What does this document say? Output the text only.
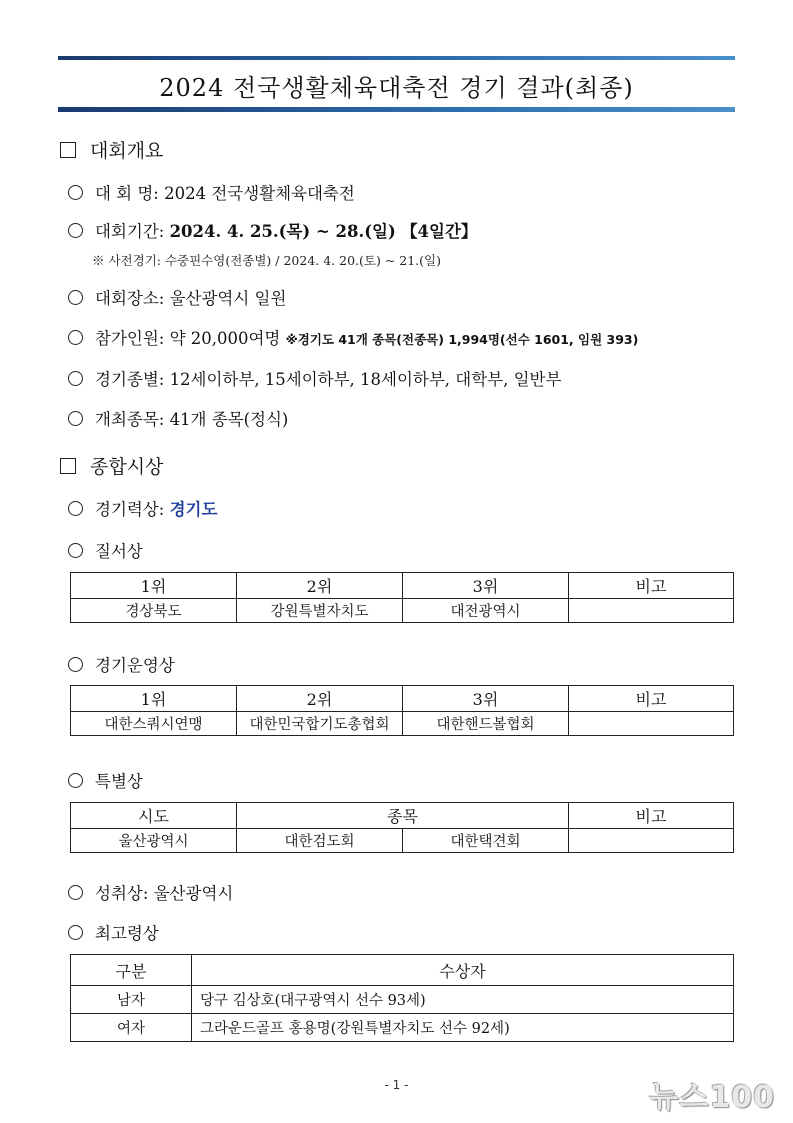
2024 전국생활체육대축전 경기 결과(최종)
대회개요
대 회 명: 2024 전국생활체육대축전
대회기간: 2024. 4. 25.(목) ~ 28.(일) 【4일간】
※ 사전경기: 수중핀수영(전종별) / 2024. 4. 20.(토) ~ 21.(일)
대회장소: 울산광역시 일원
참가인원: 약 20,000여명 ※경기도 41개 종목(전종목) 1,994명(선수 1601, 임원 393)
경기종별: 12세이하부, 15세이하부, 18세이하부, 대학부, 일반부
개최종목: 41개 종목(정식)
종합시상
경기력상: 경기도
질서상
1위	2위	3위	비고
경상북도	강원특별자치도	대전광역시	
경기운영상
1위	2위	3위	비고
대한스쿼시연맹	대한민국합기도총협회	대한핸드볼협회	
특별상
시도	종목		비고
울산광역시	대한검도회	대한택견회	
성취상: 울산광역시
최고령상
구분	수상자
남자	당구 김상호(대구광역시 선수 93세)
여자	그라운드골프 홍용명(강원특별자치도 선수 92세)
- 1 -	뉴스100
